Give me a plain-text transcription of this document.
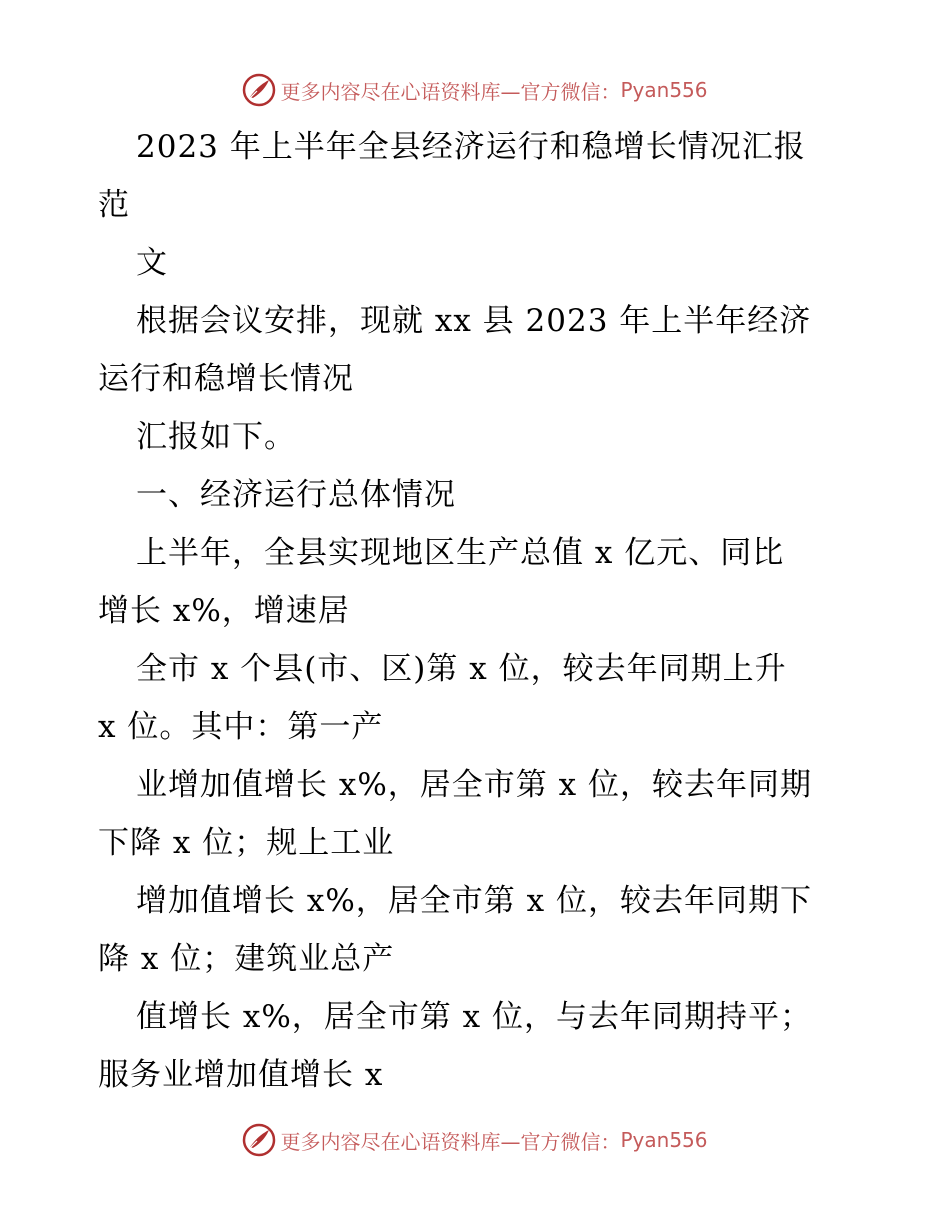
更多内容尽在心语资料库—官方微信： Pyan556
2023 年上半年全县经济运行和稳增长情况汇报
范
文
根据会议安排，现就 xx 县 2023 年上半年经济
运行和稳增长情况
汇报如下。
一、经济运行总体情况
上半年，全县实现地区生产总值 x 亿元、同比
增长 x%，增速居
全市 x 个县(市、区)第 x 位，较去年同期上升
x 位。其中：第一产
业增加值增长 x%，居全市第 x 位，较去年同期
下降 x 位；规上工业
增加值增长 x%，居全市第 x 位，较去年同期下
降 x 位；建筑业总产
值增长 x%，居全市第 x 位，与去年同期持平；
服务业增加值增长 x
更多内容尽在心语资料库—官方微信： Pyan556
